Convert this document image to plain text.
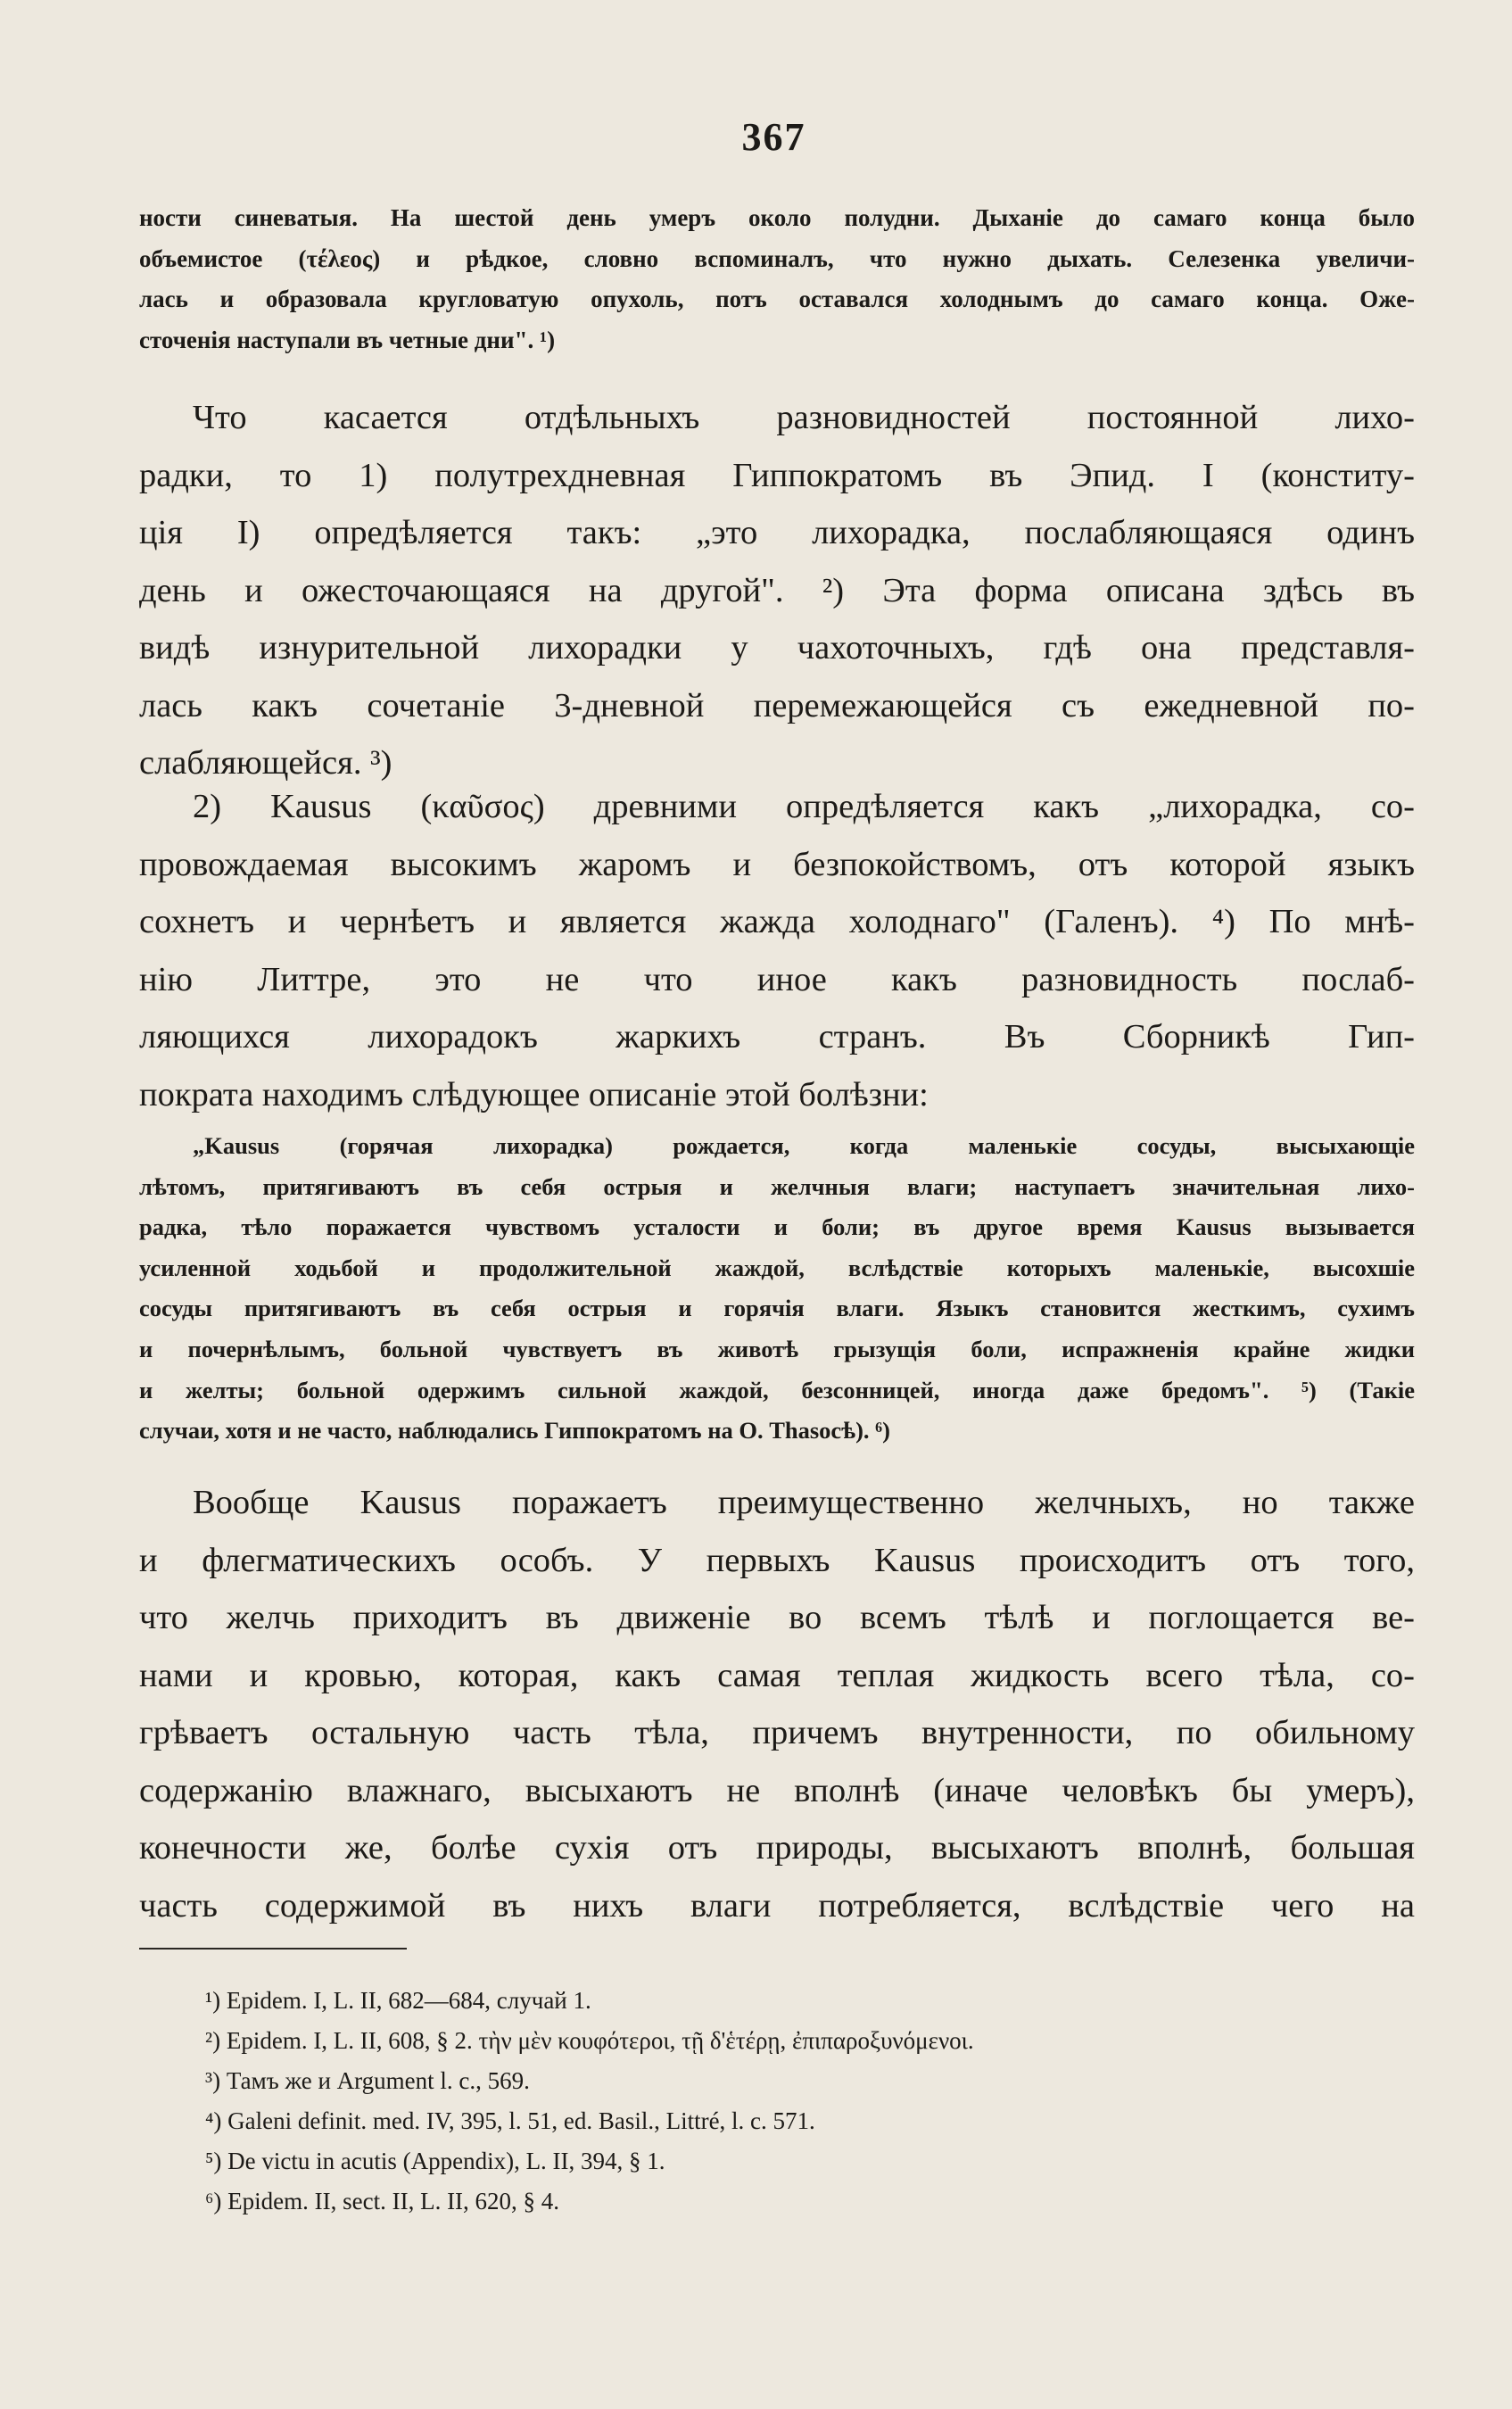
367
ности синеватыя. На шестой день умеръ около полудни. Дыханіе до самаго конца было
объемистое (τέλεος) и рѣдкое, словно вспоминалъ, что нужно дыхать. Селезенка увеличи-
лась и образовала кругловатую опухоль, потъ оставался холоднымъ до самаго конца. Ожe-
сточенія наступали въ четные дни". ¹)
Что касается отдѣльныхъ разновидностей постоянной лихо-
радки, то 1) полутрехдневная Гиппократомъ въ Эпид. I (конститу-
ція I) опредѣляется такъ: „это лихорадка, послабляющаяся одинъ
день и ожесточающаяся на другой". ²) Эта форма описана здѣсь въ
видѣ изнурительной лихорадки у чахоточныхъ, гдѣ она представля-
лась какъ сочетаніе 3-дневной перемежающейся съ ежедневной по-
слабляющейся. ³)
2) Kausus (καῦσος) древними опредѣляется какъ „лихорадка, со-
провождаемая высокимъ жаромъ и безпокойствомъ, отъ которой языкъ
сохнетъ и чернѣетъ и является жажда холоднаго" (Галенъ). ⁴) По мнѣ-
нію Литтре, это не что иное какъ разновидность послаб-
ляющихся лихорадокъ жаркихъ странъ. Въ Сборникѣ Гип-
пократа находимъ слѣдующее описаніе этой болѣзни:
„Kausus (горячая лихорадка) рождается, когда маленькіе сосуды, высыхающіе
лѣтомъ, притягиваютъ въ себя острыя и желчныя влаги; наступаетъ значительная лихо-
радка, тѣло поражается чувствомъ усталости и боли; въ другое время Kausus вызывается
усиленной ходьбой и продолжительной жаждой, вслѣдствіе которыхъ маленькіе, высохшіе
сосуды притягиваютъ въ себя острыя и горячія влаги. Языкъ становится жесткимъ, сухимъ
и почернѣлымъ, больной чувствуетъ въ животѣ грызущія боли, испражненія крайне жидки
и желты; больной одержимъ сильной жаждой, безсонницей, иногда даже бредомъ". ⁵) (Такіе
случаи, хотя и не часто, наблюдались Гиппократомъ на О. Thasoсѣ). ⁶)
Вообще Kausus поражаетъ преимущественно желчныхъ, но также
и флегматическихъ особъ. У первыхъ Kausus происходитъ отъ того,
что желчь приходитъ въ движеніе во всемъ тѣлѣ и поглощается ве-
нами и кровью, которая, какъ самая теплая жидкость всего тѣла, со-
грѣваетъ остальную часть тѣла, причемъ внутренности, по обильному
содержанію влажнаго, высыхаютъ не вполнѣ (иначе человѣкъ бы умеръ),
конечности же, болѣе сухія отъ природы, высыхаютъ вполнѣ, большая
часть содержимой въ нихъ влаги потребляется, вслѣдствіе чего на
¹) Epidem. I, L. II, 682—684, случай 1.
²) Epidem. I, L. II, 608, § 2. τὴν μὲν κουφότεροι, τῇ δ'ἑτέρῃ, ἐπιπαροξυνόμενοι.
³) Тамъ же и Argument l. c., 569.
⁴) Galeni definit. med. IV, 395, l. 51, ed. Basil., Littré, l. c. 571.
⁵) De victu in acutis (Appendix), L. II, 394, § 1.
⁶) Epidem. II, sect. II, L. II, 620, § 4.
